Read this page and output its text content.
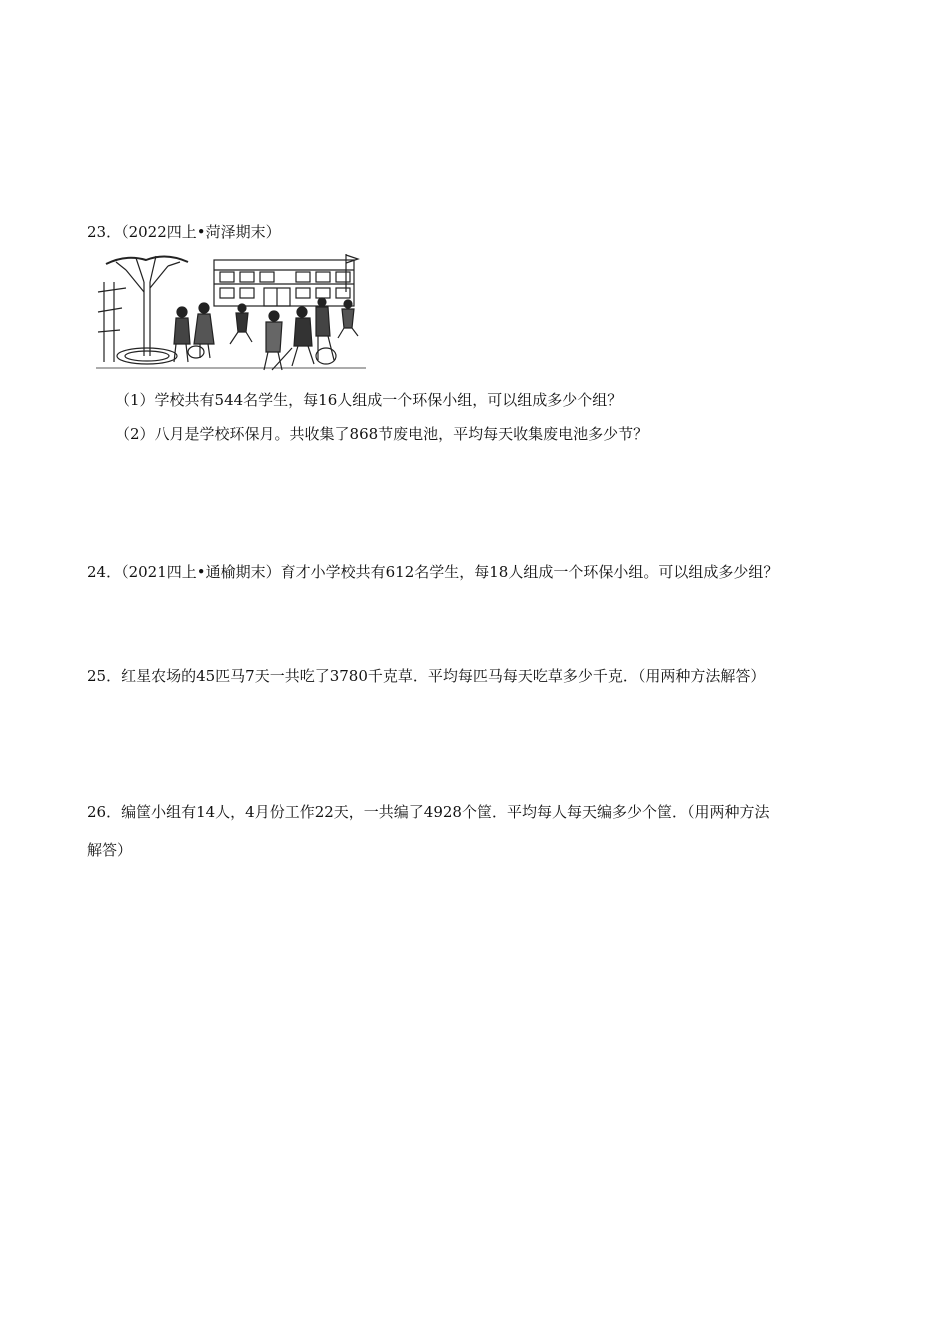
23．（2022四上•菏泽期末）
（1）学校共有544名学生，每16人组成一个环保小组，可以组成多少个组？
（2）八月是学校环保月。共收集了868节废电池，平均每天收集废电池多少节？
24．（2021四上•通榆期末）育才小学校共有612名学生，每18人组成一个环保小组。可以组成多少组？
25．红星农场的45匹马7天一共吃了3780千克草．平均每匹马每天吃草多少千克．（用两种方法解答）
26．编筐小组有14人，4月份工作22天，一共编了4928个筐．平均每人每天编多少个筐．（用两种方法
解答）
